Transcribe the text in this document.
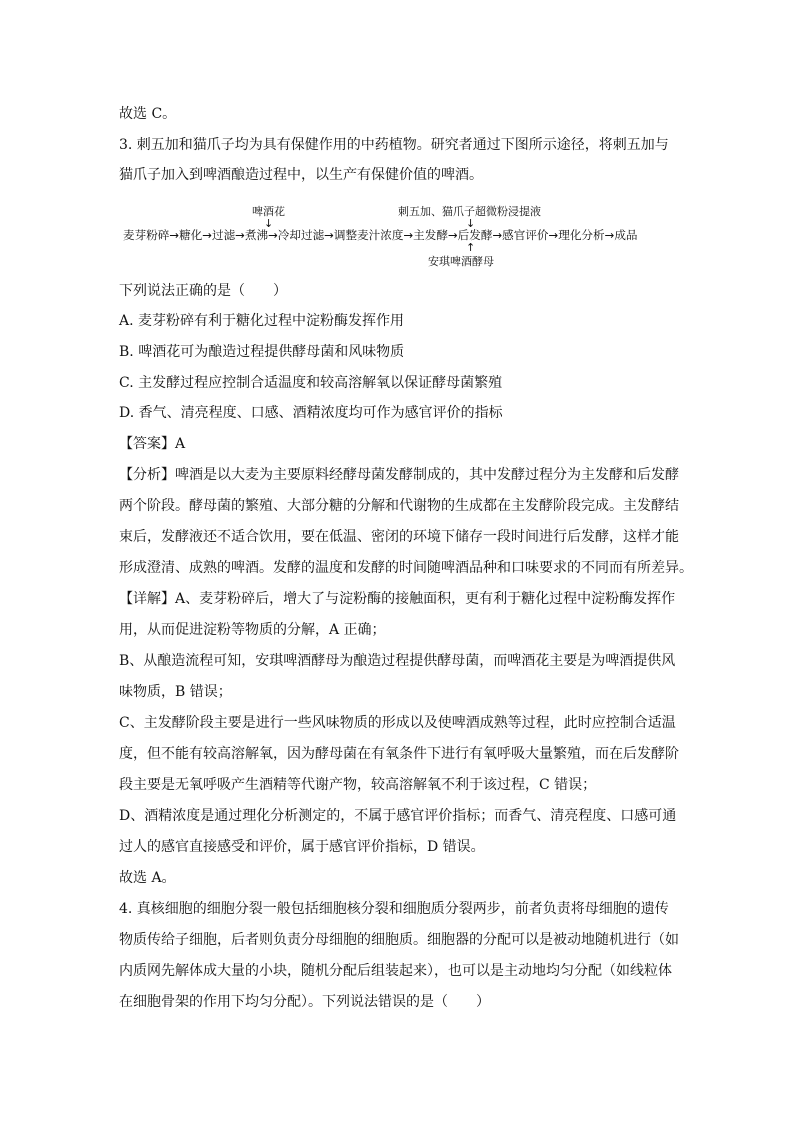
故选 C。
3. 刺五加和猫爪子均为具有保健作用的中药植物。研究者通过下图所示途径，将刺五加与
猫爪子加入到啤酒酿造过程中，以生产有保健价值的啤酒。
啤酒花
↓
刺五加、猫爪子超微粉浸提液
↓
麦芽粉碎→糖化→过滤→煮沸→冷却过滤→调整麦汁浓度→主发酵→后发酵→感官评价→理化分析→成品
↑
安琪啤酒酵母
下列说法正确的是（　　）
A. 麦芽粉碎有利于糖化过程中淀粉酶发挥作用
B. 啤酒花可为酿造过程提供酵母菌和风味物质
C. 主发酵过程应控制合适温度和较高溶解氧以保证酵母菌繁殖
D. 香气、清亮程度、口感、酒精浓度均可作为感官评价的指标
【答案】A
【分析】啤酒是以大麦为主要原料经酵母菌发酵制成的，其中发酵过程分为主发酵和后发酵
两个阶段。酵母菌的繁殖、大部分糖的分解和代谢物的生成都在主发酵阶段完成。主发酵结
束后，发酵液还不适合饮用，要在低温、密闭的环境下储存一段时间进行后发酵，这样才能
形成澄清、成熟的啤酒。发酵的温度和发酵的时间随啤酒品种和口味要求的不同而有所差异。
【详解】A、麦芽粉碎后，增大了与淀粉酶的接触面积，更有利于糖化过程中淀粉酶发挥作
用，从而促进淀粉等物质的分解，A 正确；
B、从酿造流程可知，安琪啤酒酵母为酿造过程提供酵母菌，而啤酒花主要是为啤酒提供风
味物质，B 错误；
C、主发酵阶段主要是进行一些风味物质的形成以及使啤酒成熟等过程，此时应控制合适温
度，但不能有较高溶解氧，因为酵母菌在有氧条件下进行有氧呼吸大量繁殖，而在后发酵阶
段主要是无氧呼吸产生酒精等代谢产物，较高溶解氧不利于该过程，C 错误；
D、酒精浓度是通过理化分析测定的，不属于感官评价指标；而香气、清亮程度、口感可通
过人的感官直接感受和评价，属于感官评价指标，D 错误。
故选 A。
4. 真核细胞的细胞分裂一般包括细胞核分裂和细胞质分裂两步，前者负责将母细胞的遗传
物质传给子细胞，后者则负责分母细胞的细胞质。细胞器的分配可以是被动地随机进行（如
内质网先解体成大量的小块，随机分配后组装起来），也可以是主动地均匀分配（如线粒体
在细胞骨架的作用下均匀分配）。下列说法错误的是（　　）
